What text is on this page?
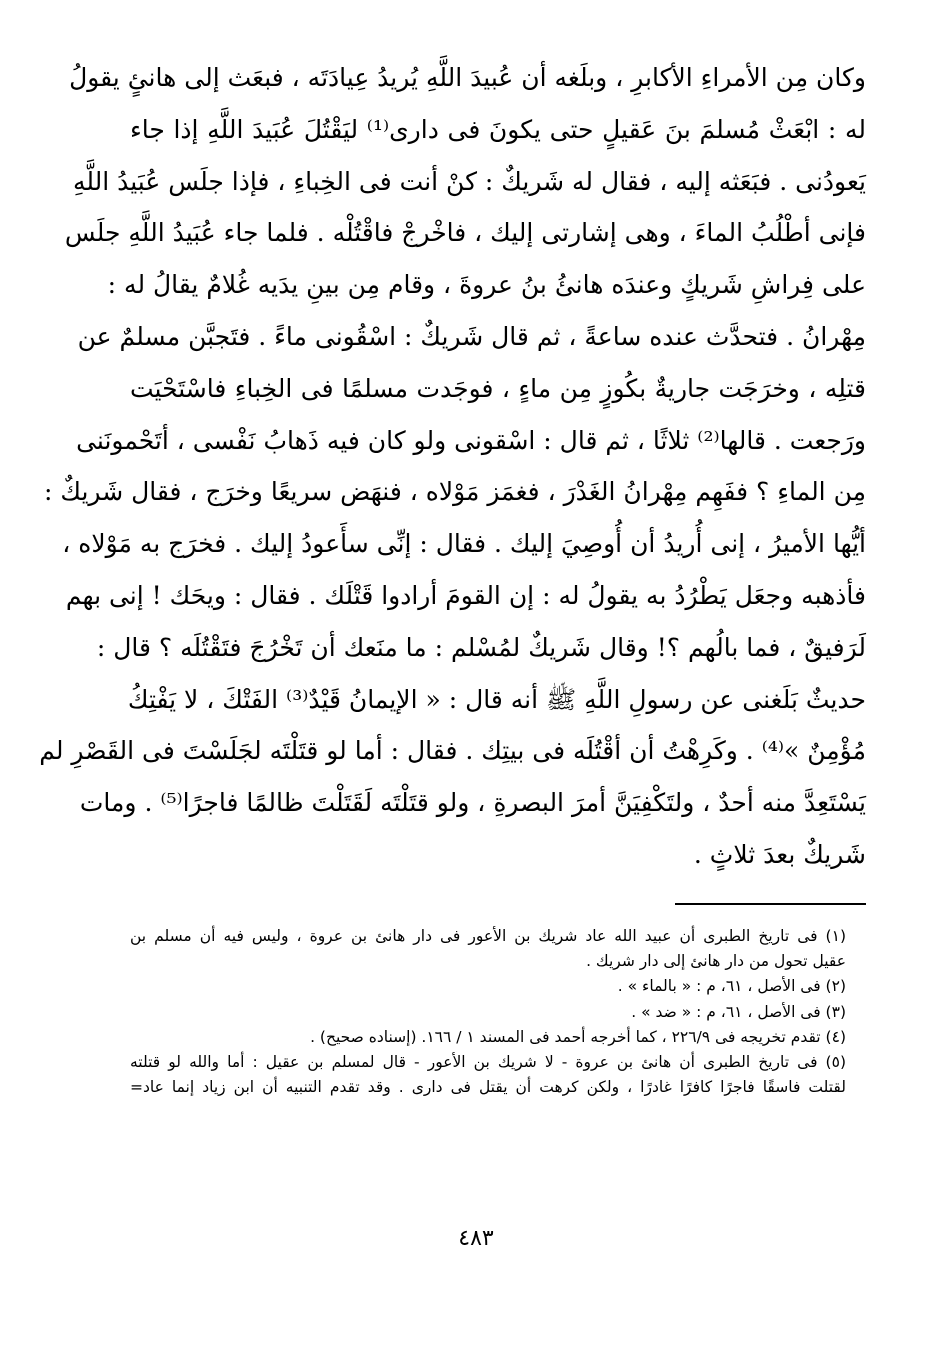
وكان مِن الأمراءِ الأكابرِ ، وبلَغه أن عُبيدَ اللَّهِ يُريدُ عِيادَتَه ، فبعَث إلى هانئٍ يقولُ
له : ابْعَثْ مُسلمَ بنَ عَقيلٍ حتى يكونَ فى دارى⁽¹⁾ ليَقْتُلَ عُبَيدَ اللَّهِ إذا جاء
يَعودُنى . فبَعَثه إليه ، فقال له شَريكٌ : كنْ أنت فى الخِباءِ ، فإذا جلَس عُبَيدُ اللَّهِ
فإنى أطْلُبُ الماءَ ، وهى إشارتى إليك ، فاخْرجْ فاقْتُلْه . فلما جاء عُبَيدُ اللَّهِ جلَس
على فِراشِ شَريكٍ وعندَه هانئُ بنُ عروةَ ، وقام مِن بينِ يدَيه غُلامٌ يقالُ له :
مِهْرانُ . فتحدَّث عنده ساعةً ، ثم قال شَريكٌ : اسْقُونى ماءً . فتَجبَّن مسلمٌ عن
قتلِه ، وخرَجَت جاريةٌ بكُوزٍ مِن ماءٍ ، فوجَدت مسلمًا فى الخِباءِ فاسْتَحْيَت
ورَجعت . قالها⁽²⁾ ثلاثًا ، ثم قال : اسْقونى ولو كان فيه ذَهابُ نَفْسى ، أتَحْمونَنى
مِن الماءِ ؟ ففَهِم مِهْرانُ الغَدْرَ ، فغمَز مَوْلاه ، فنهَض سريعًا وخرَج ، فقال شَريكٌ :
أيُّها الأميرُ ، إنى أُريدُ أن أُوصِيَ إليك . فقال : إنِّى سأَعودُ إليك . فخرَج به مَوْلاه ،
فأذهبه وجعَل يَطْرُدُ به يقولُ له : إن القومَ أرادوا قَتْلَك . فقال : ويحَك ! إنى بهم
لَرَفيقٌ ، فما بالُهم ؟! وقال شَريكٌ لمُسْلم : ما منَعك أن تَخْرُجَ فتَقْتُلَه ؟ قال :
حديثٌ بَلَغنى عن رسولِ اللَّهِ ﷺ أنه قال : « الإيمانُ قَيْدٌ⁽³⁾ الفَتْكَ ، لا يَفْتِكُ
مُؤْمِنٌ »⁽⁴⁾ . وكَرِهْتُ أن أقْتُلَه فى بيتِك . فقال : أما لو قتَلْتَه لجَلَسْتَ فى القَصْرِ لم
يَسْتَعِدَّ منه أحدٌ ، ولتَكْفِيَنَّ أمرَ البصرةِ ، ولو قتَلْتَه لَقَتَلْتَ ظالمًا فاجرًا⁽⁵⁾ . ومات
شَريكٌ بعدَ ثلاثٍ .
(١) فى تاريخ الطبرى أن عبيد الله عاد شريك بن الأعور فى دار هانئ بن عروة ، وليس فيه أن مسلم بن
عقيل تحول من دار هانئ إلى دار شريك .
(٢) فى الأصل ، ٦١، م : « بالماء » .
(٣) فى الأصل ، ٦١، م : « ضد » .
(٤) تقدم تخريجه فى ٢٢٦/٩ ، كما أخرجه أحمد فى المسند ١ / ١٦٦. (إسناده صحيح) .
(٥) فى تاريخ الطبرى أن هانئ بن عروة - لا شريك بن الأعور - قال لمسلم بن عقيل : أما والله لو قتلته
لقتلت فاسقًا فاجرًا كافرًا غادرًا ، ولكن كرهت أن يقتل فى دارى . وقد تقدم التنبيه أن ابن زياد إنما عاد=
٤٨٣
